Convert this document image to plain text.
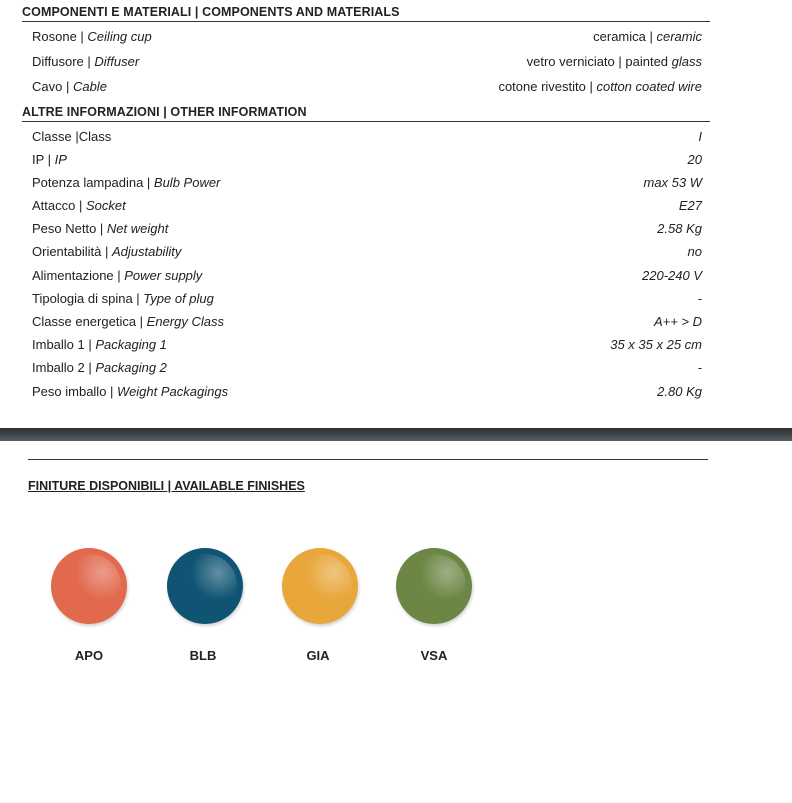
COMPONENTI E MATERIALI | COMPONENTS AND MATERIALS
Rosone | Ceiling cup	ceramica | ceramic
Diffusore | Diffuser	vetro verniciato | painted glass
Cavo | Cable	cotone rivestito | cotton coated wire
ALTRE INFORMAZIONI | OTHER INFORMATION
Classe |Class	I
IP | IP	20
Potenza lampadina | Bulb Power	max 53 W
Attacco | Socket	E27
Peso Netto | Net weight	2.58 Kg
Orientabilità | Adjustability	no
Alimentazione | Power supply	220-240 V
Tipologia di spina | Type of plug	-
Classe energetica | Energy Class	A++ > D
Imballo 1 | Packaging 1	35 x 35 x 25 cm
Imballo 2 | Packaging 2	-
Peso imballo | Weight Packagings	2.80 Kg
FINITURE DISPONIBILI | AVAILABLE FINISHES
APO	BLB	GIA	VSA
